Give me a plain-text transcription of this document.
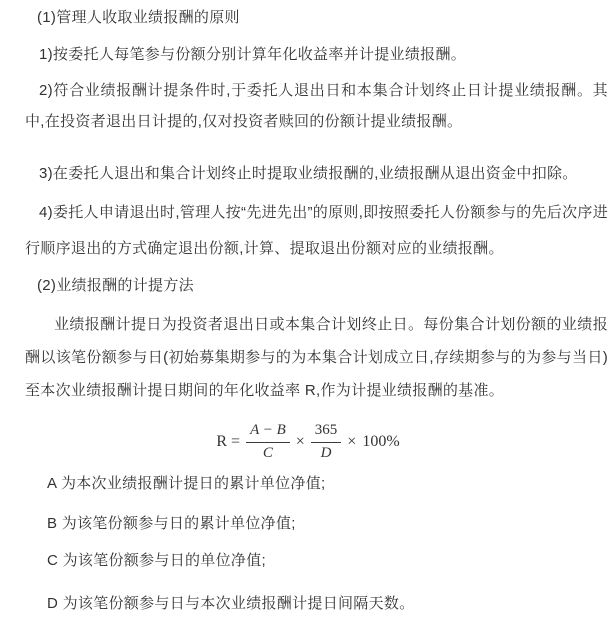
(1)管理人收取业绩报酬的原则

1)按委托人每笔参与份额分别计算年化收益率并计提业绩报酬。

2)符合业绩报酬计提条件时,于委托人退出日和本集合计划终止日计提业绩报酬。其中,在投资者退出日计提的,仅对投资者赎回的份额计提业绩报酬。

3)在委托人退出和集合计划终止时提取业绩报酬的,业绩报酬从退出资金中扣除。

4)委托人申请退出时,管理人按“先进先出”的原则,即按照委托人份额参与的先后次序进行顺序退出的方式确定退出份额,计算、提取退出份额对应的业绩报酬。

(2)业绩报酬的计提方法

业绩报酬计提日为投资者退出日或本集合计划终止日。每份集合计划份额的业绩报酬以该笔份额参与日(初始募集期参与的为本集合计划成立日,存续期参与的为参与当日)至本次业绩报酬计提日期间的年化收益率 R,作为计提业绩报酬的基准。

$R = \frac{A - B}{C} \times \frac{365}{D} \times 100\%$

A 为本次业绩报酬计提日的累计单位净值;

B 为该笔份额参与日的累计单位净值;

C 为该笔份额参与日的单位净值;

D 为该笔份额参与日与本次业绩报酬计提日间隔天数。
